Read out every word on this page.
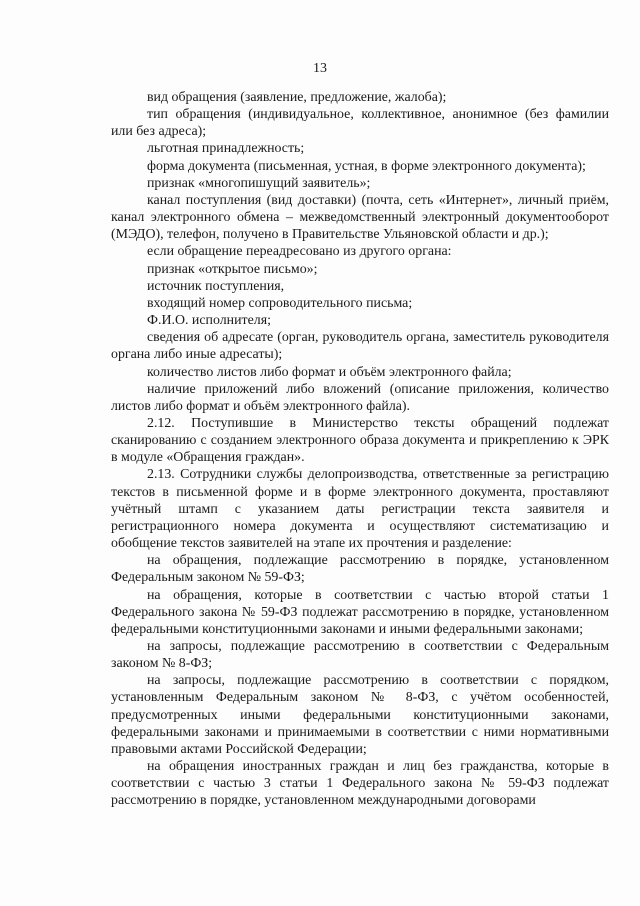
13

вид обращения (заявление, предложение, жалоба);

тип обращения (индивидуальное, коллективное, анонимное (без фамилии или без адреса);

льготная принадлежность;

форма документа (письменная, устная, в форме электронного документа);

признак «многопишущий заявитель»;

канал поступления (вид доставки) (почта, сеть «Интернет», личный приём, канал электронного обмена – межведомственный электронный документооборот (МЭДО), телефон, получено в Правительстве Ульяновской области и др.);

если обращение переадресовано из другого органа:

признак «открытое письмо»;

источник поступления,

входящий номер сопроводительного письма;

Ф.И.О. исполнителя;

сведения об адресате (орган, руководитель органа, заместитель руководителя органа либо иные адресаты);

количество листов либо формат и объём электронного файла;

наличие приложений либо вложений (описание приложения, количество листов либо формат и объём электронного файла).

2.12. Поступившие в Министерство тексты обращений подлежат сканированию с созданием электронного образа документа и прикреплению к ЭРК в модуле «Обращения граждан».

2.13. Сотрудники службы делопроизводства, ответственные за регистрацию текстов в письменной форме и в форме электронного документа, проставляют учётный штамп с указанием даты регистрации текста заявителя и регистрационного номера документа и осуществляют систематизацию и обобщение текстов заявителей на этапе их прочтения и разделение:

на обращения, подлежащие рассмотрению в порядке, установленном Федеральным законом № 59-ФЗ;

на обращения, которые в соответствии с частью второй статьи 1 Федерального закона № 59-ФЗ подлежат рассмотрению в порядке, установленном федеральными конституционными законами и иными федеральными законами;

на запросы, подлежащие рассмотрению в соответствии с Федеральным законом № 8-ФЗ;

на запросы, подлежащие рассмотрению в соответствии с порядком, установленным Федеральным законом № 8-ФЗ, с учётом особенностей, предусмотренных иными федеральными конституционными законами, федеральными законами и принимаемыми в соответствии с ними нормативными правовыми актами Российской Федерации;

на обращения иностранных граждан и лиц без гражданства, которые в соответствии с частью 3 статьи 1 Федерального закона № 59-ФЗ подлежат рассмотрению в порядке, установленном международными договорами
